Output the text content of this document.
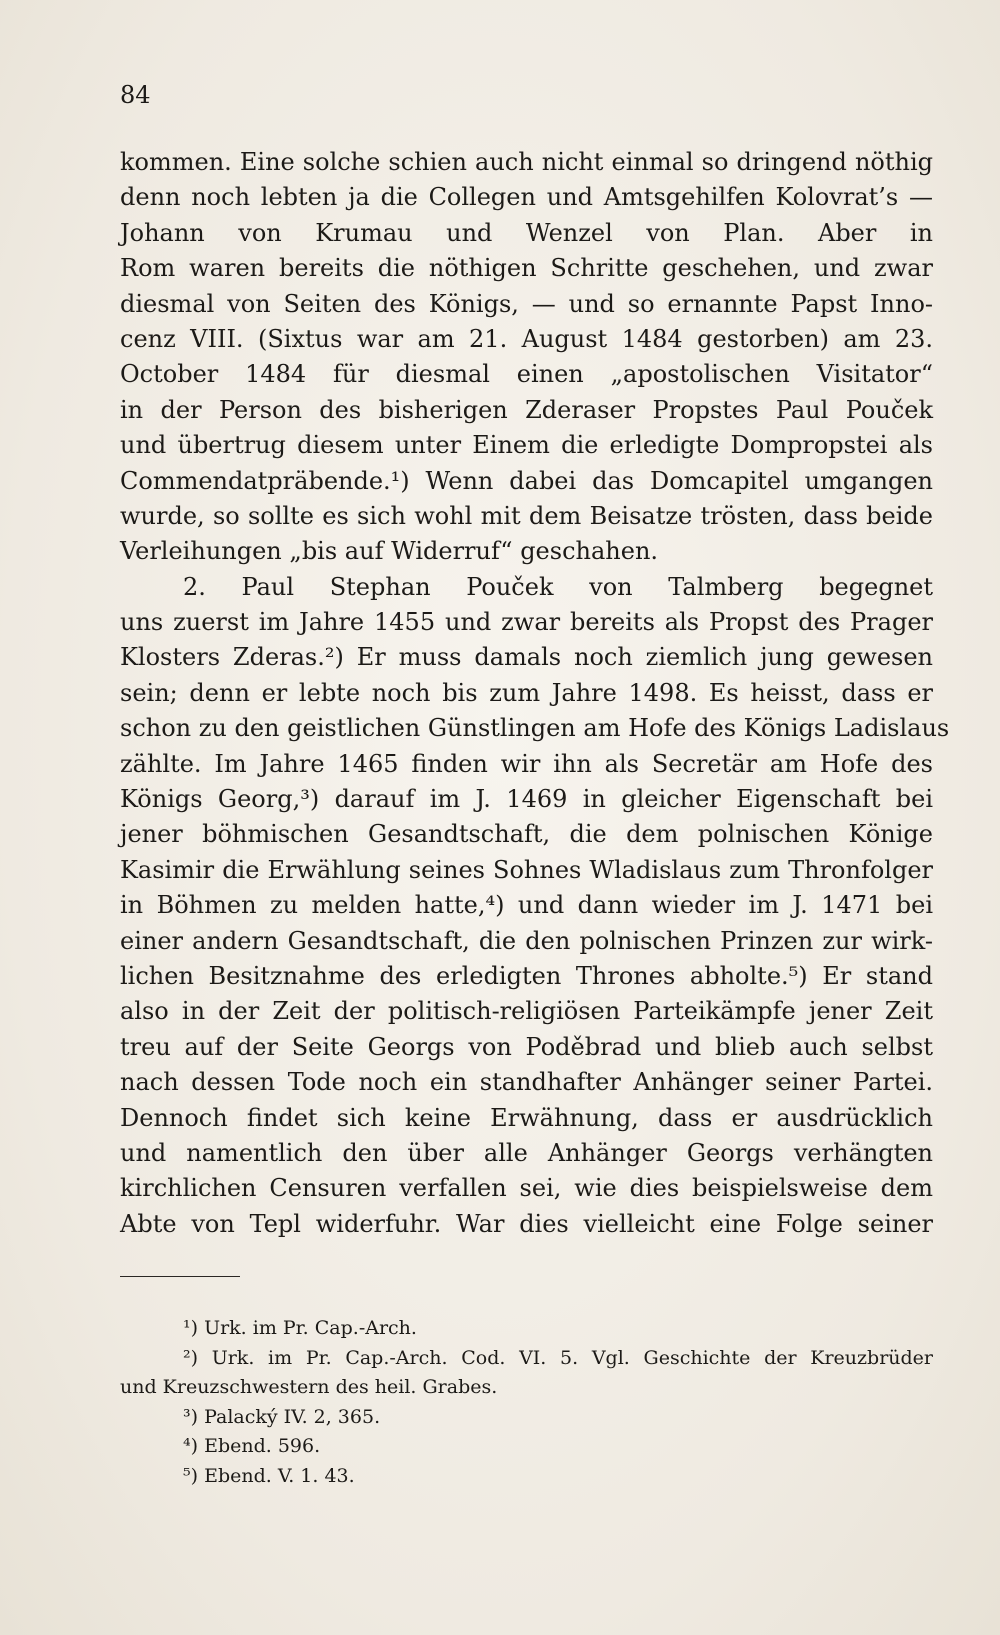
84
kommen. Eine solche schien auch nicht einmal so dringend nöthig
denn noch lebten ja die Collegen und Amtsgehilfen Kolovrat’s —
Johann von Krumau und Wenzel von Plan. Aber in
Rom waren bereits die nöthigen Schritte geschehen, und zwar
diesmal von Seiten des Königs, — und so ernannte Papst Inno-
cenz VIII. (Sixtus war am 21. August 1484 gestorben) am 23.
October 1484 für diesmal einen „apostolischen Visitator“
in der Person des bisherigen Zderaser Propstes Paul Pouček
und übertrug diesem unter Einem die erledigte Dompropstei als
Commendatpräbende.¹) Wenn dabei das Domcapitel umgangen
wurde, so sollte es sich wohl mit dem Beisatze trösten, dass beide
Verleihungen „bis auf Widerruf“ geschahen.
2. Paul Stephan Pouček von Talmberg begegnet
uns zuerst im Jahre 1455 und zwar bereits als Propst des Prager
Klosters Zderas.²) Er muss damals noch ziemlich jung gewesen
sein; denn er lebte noch bis zum Jahre 1498. Es heisst, dass er
schon zu den geistlichen Günstlingen am Hofe des Königs Ladislaus
zählte. Im Jahre 1465 finden wir ihn als Secretär am Hofe des
Königs Georg,³) darauf im J. 1469 in gleicher Eigenschaft bei
jener böhmischen Gesandtschaft, die dem polnischen Könige
Kasimir die Erwählung seines Sohnes Wladislaus zum Thronfolger
in Böhmen zu melden hatte,⁴) und dann wieder im J. 1471 bei
einer andern Gesandtschaft, die den polnischen Prinzen zur wirk-
lichen Besitznahme des erledigten Thrones abholte.⁵) Er stand
also in der Zeit der politisch-religiösen Parteikämpfe jener Zeit
treu auf der Seite Georgs von Poděbrad und blieb auch selbst
nach dessen Tode noch ein standhafter Anhänger seiner Partei.
Dennoch findet sich keine Erwähnung, dass er ausdrücklich
und namentlich den über alle Anhänger Georgs verhängten
kirchlichen Censuren verfallen sei, wie dies beispielsweise dem
Abte von Tepl widerfuhr. War dies vielleicht eine Folge seiner
¹) Urk. im Pr. Cap.-Arch.
²) Urk. im Pr. Cap.-Arch. Cod. VI. 5. Vgl. Geschichte der Kreuzbrüder
und Kreuzschwestern des heil. Grabes.
³) Palacký IV. 2, 365.
⁴) Ebend. 596.
⁵) Ebend. V. 1. 43.
